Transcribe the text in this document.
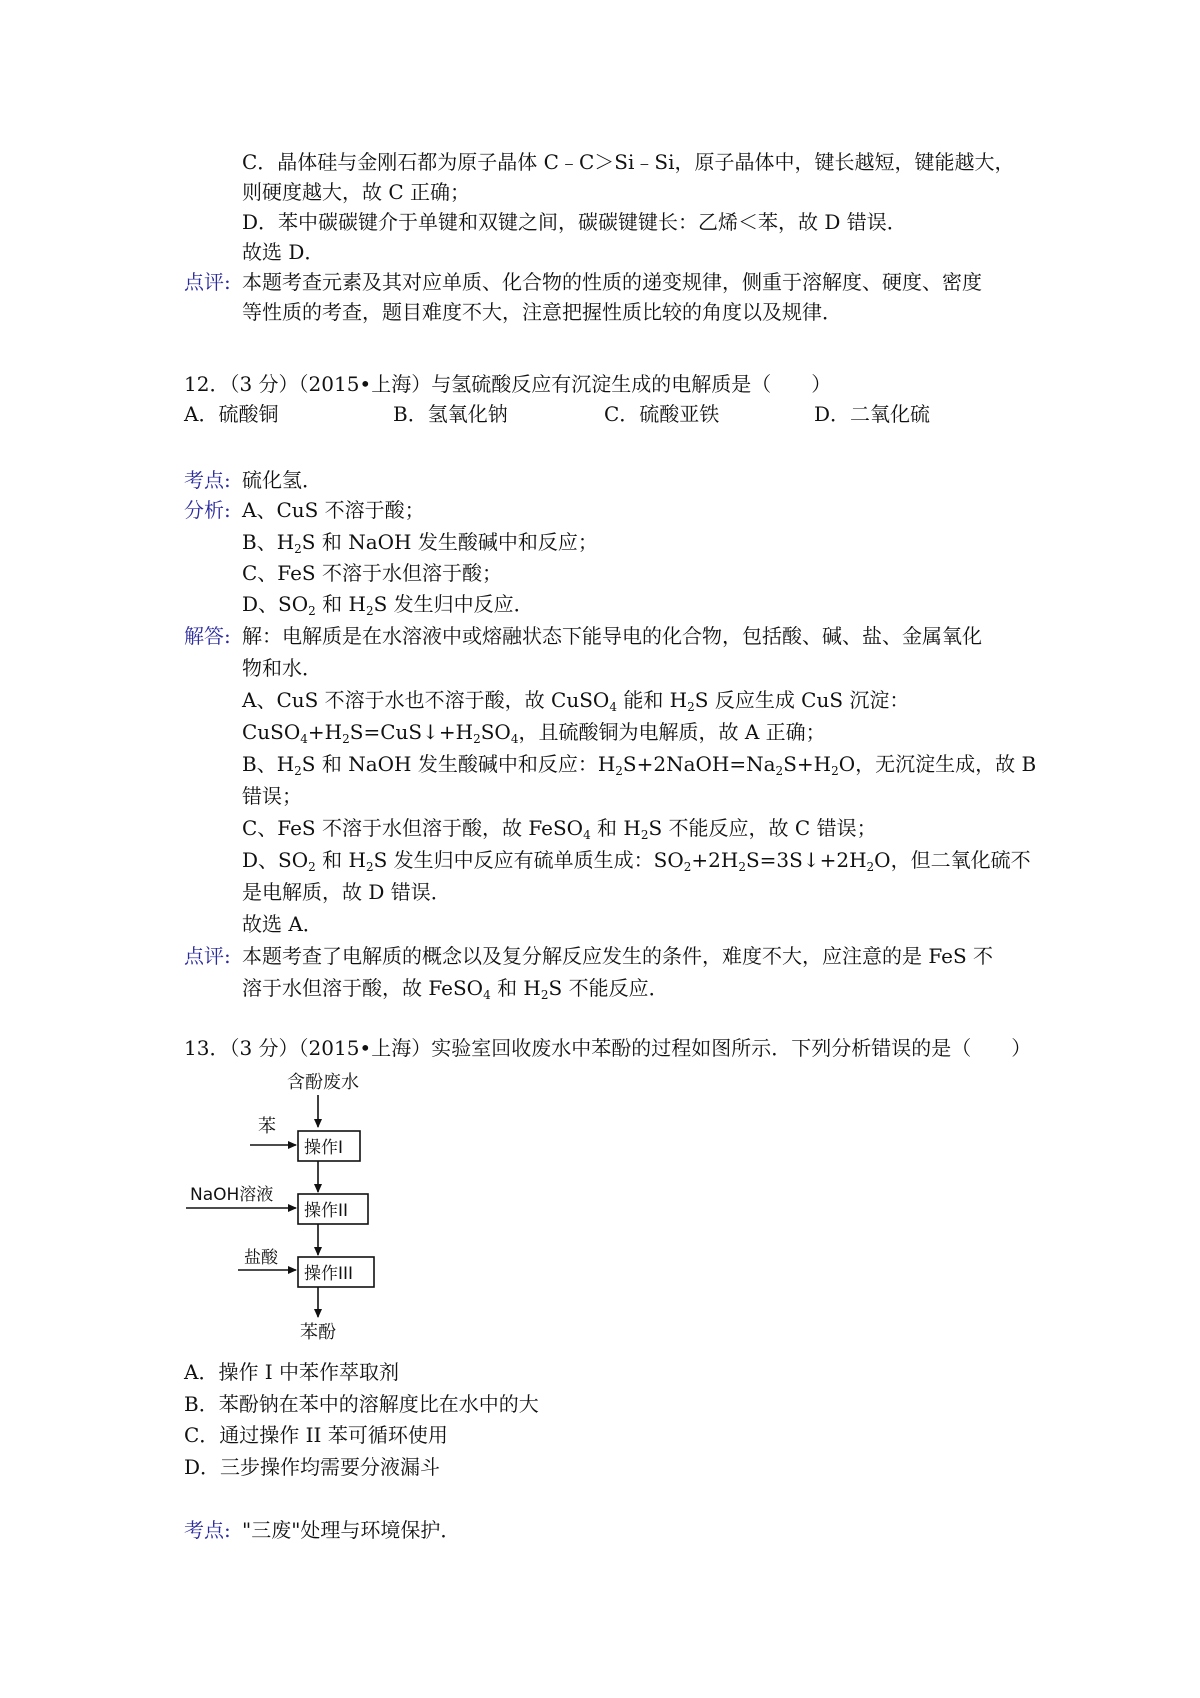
C．晶体硅与金刚石都为原子晶体 C﹣C＞Si﹣Si，原子晶体中，键长越短，键能越大，
则硬度越大，故 C 正确；
D．苯中碳碳键介于单键和双键之间，碳碳键键长：乙烯＜苯，故 D 错误．
故选 D．
点评: 本题考查元素及其对应单质、化合物的性质的递变规律，侧重于溶解度、硬度、密度
等性质的考查，题目难度不大，注意把握性质比较的角度以及规律．
12．（3 分）（2015•上海）与氢硫酸反应有沉淀生成的电解质是（　　）
A．硫酸铜	B．氢氧化钠	C．硫酸亚铁	D．二氧化硫
考点: 硫化氢．
分析: A、CuS 不溶于酸；
B、$H_2S$ 和 NaOH 发生酸碱中和反应；
C、FeS 不溶于水但溶于酸；
D、$SO_2$ 和 $H_2S$ 发生归中反应．
解答: 解：电解质是在水溶液中或熔融状态下能导电的化合物，包括酸、碱、盐、金属氧化
物和水．
A、CuS 不溶于水也不溶于酸，故 CuSO$_4$ 能和 $H_2S$ 反应生成 CuS 沉淀：
$CuSO_4+H_2S=CuS↓+H_2SO_4$，且硫酸铜为电解质，故 A 正确；
B、$H_2S$ 和 NaOH 发生酸碱中和反应：$H_2S+2NaOH=Na_2S+H_2O$，无沉淀生成，故 B
错误；
C、FeS 不溶于水但溶于酸，故 FeSO$_4$ 和 $H_2S$ 不能反应，故 C 错误；
D、$SO_2$ 和 $H_2S$ 发生归中反应有硫单质生成：$SO_2+2H_2S=3S↓+2H_2O$，但二氧化硫不
是电解质，故 D 错误．
故选 A．
点评: 本题考查了电解质的概念以及复分解反应发生的条件，难度不大，应注意的是 FeS 不
溶于水但溶于酸，故 FeSO$_4$ 和 $H_2S$ 不能反应．
13．（3 分）（2015•上海）实验室回收废水中苯酚的过程如图所示．下列分析错误的是（　　）
含酚废水
苯
操作I
NaOH溶液
操作II
盐酸
操作III
苯酚
A．操作 I 中苯作萃取剂
B．苯酚钠在苯中的溶解度比在水中的大
C．通过操作 II 苯可循环使用
D．三步操作均需要分液漏斗
考点: "三废"处理与环境保护．
